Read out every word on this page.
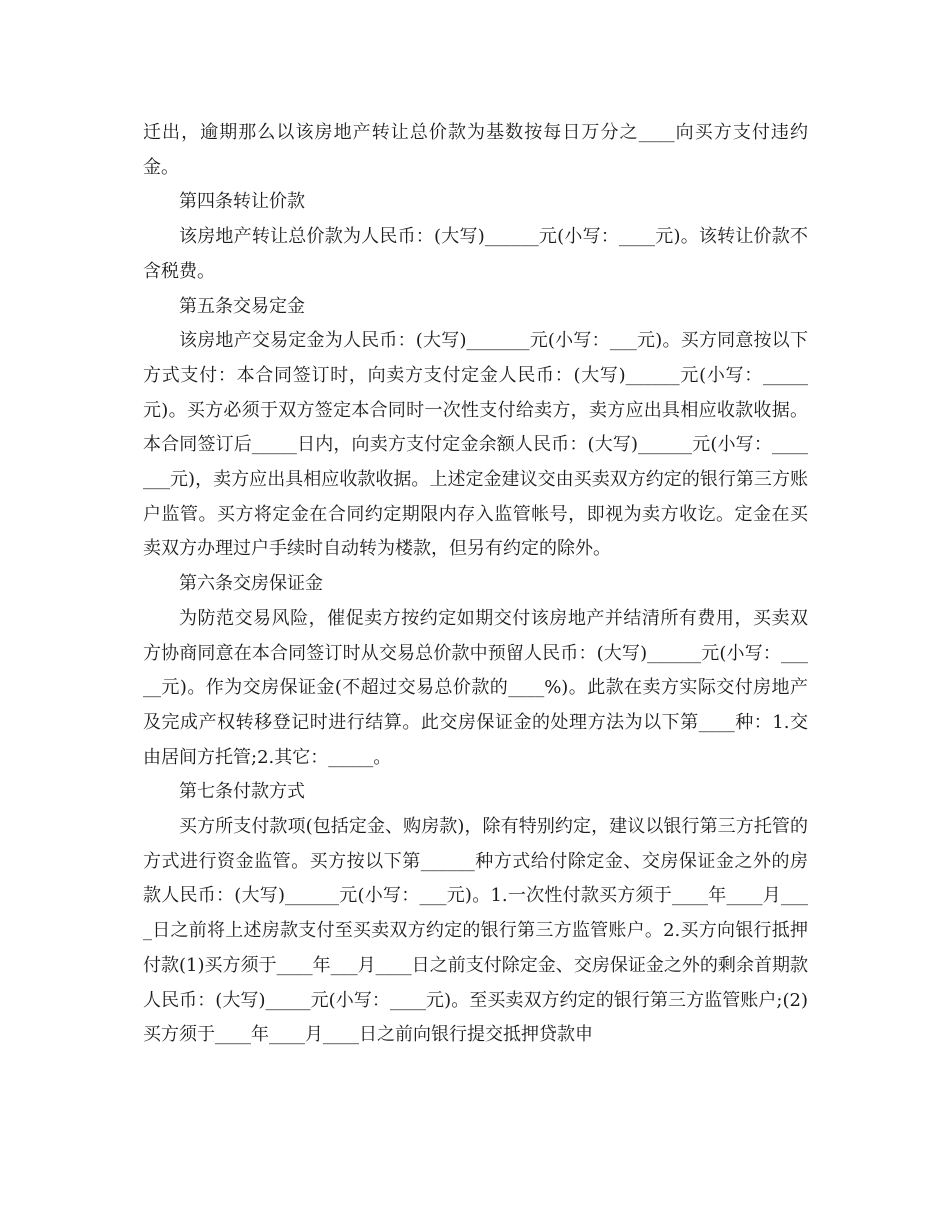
迁出，逾期那么以该房地产转让总价款为基数按每日万分之____向买方支付违约金。

第四条转让价款

该房地产转让总价款为人民币：(大写)______元(小写：____元)。该转让价款不含税费。

第五条交易定金

该房地产交易定金为人民币：(大写)_______元(小写：___元)。买方同意按以下方式支付：本合同签订时，向卖方支付定金人民币：(大写)______元(小写：_____元)。买方必须于双方签定本合同时一次性支付给卖方，卖方应出具相应收款收据。本合同签订后_____日内，向卖方支付定金余额人民币：(大写)______元(小写：_______元)，卖方应出具相应收款收据。上述定金建议交由买卖双方约定的银行第三方账户监管。买方将定金在合同约定期限内存入监管帐号，即视为卖方收讫。定金在买卖双方办理过户手续时自动转为楼款，但另有约定的除外。

第六条交房保证金

为防范交易风险，催促卖方按约定如期交付该房地产并结清所有费用，买卖双方协商同意在本合同签订时从交易总价款中预留人民币：(大写)______元(小写：_____元)。作为交房保证金(不超过交易总价款的____%)。此款在卖方实际交付房地产及完成产权转移登记时进行结算。此交房保证金的处理方法为以下第____种：1.交由居间方托管;2.其它：_____。

第七条付款方式

买方所支付款项(包括定金、购房款)，除有特别约定，建议以银行第三方托管的方式进行资金监管。买方按以下第______种方式给付除定金、交房保证金之外的房款人民币：(大写)______元(小写：___元)。1.一次性付款买方须于____年____月____日之前将上述房款支付至买卖双方约定的银行第三方监管账户。2.买方向银行抵押付款(1)买方须于____年___月____日之前支付除定金、交房保证金之外的剩余首期款人民币：(大写)_____元(小写：____元)。至买卖双方约定的银行第三方监管账户;(2)买方须于____年____月____日之前向银行提交抵押贷款申
